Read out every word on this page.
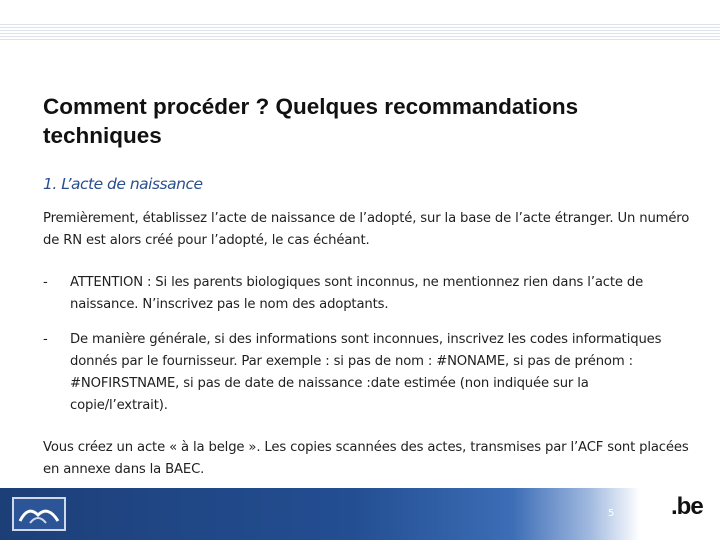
Comment procéder ? Quelques recommandations techniques
1. L’acte de naissance
Premièrement, établissez l’acte de naissance de l’adopté, sur la base de l’acte étranger. Un numéro de RN est alors créé pour l’adopté, le cas échéant.
- ATTENTION : Si les parents biologiques sont inconnus, ne mentionnez rien dans l’acte de naissance. N’inscrivez pas le nom des adoptants.
- De manière générale, si des informations sont inconnues, inscrivez les codes informatiques donnés par le fournisseur. Par exemple : si pas de nom : #NONAME, si pas de prénom : #NOFIRSTNAME, si pas de date de naissance :date estimée (non indiquée sur la copie/l’extrait).
Vous créez un acte « à la belge ». Les copies scannées des actes, transmises par l’ACF sont placées en annexe dans la BAEC.
5 .be
